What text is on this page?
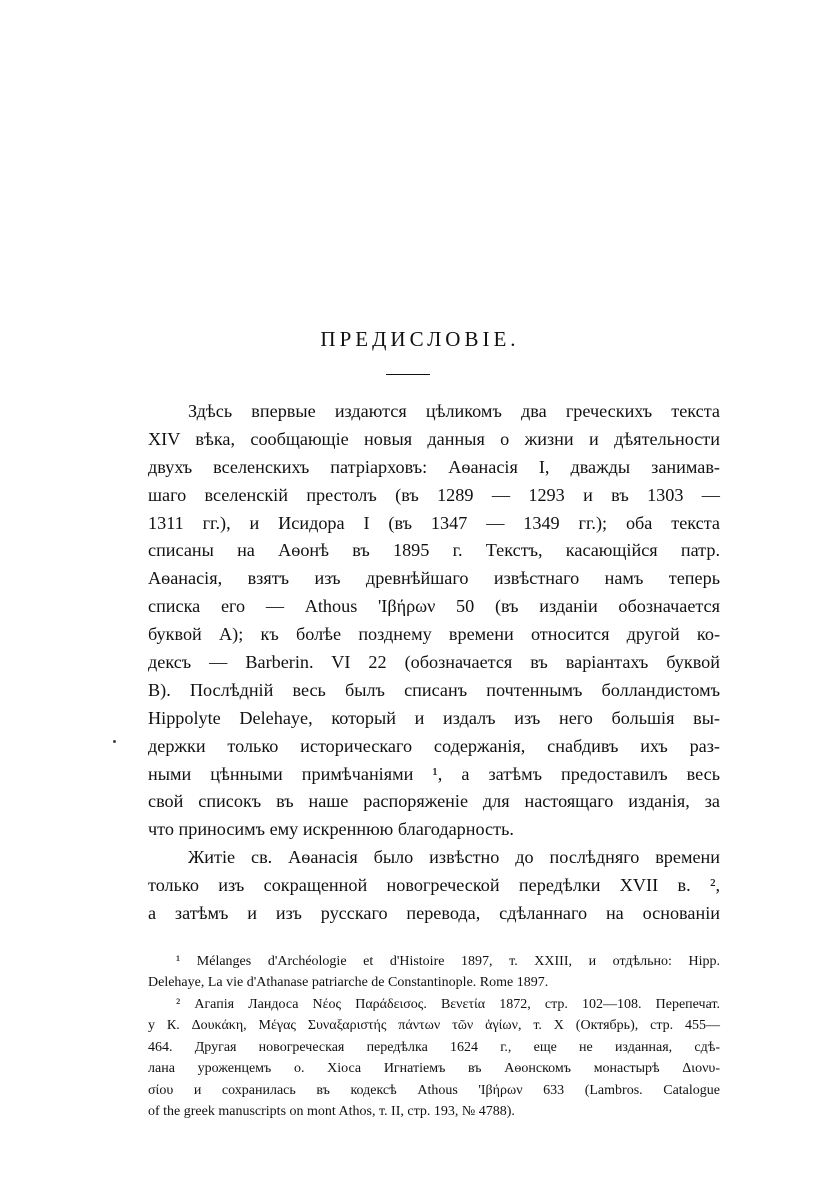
ПРЕДИСЛОВІЕ.
Здѣсь впервые издаются цѣликомъ два греческихъ текста
XIV вѣка, сообщающіе новыя данныя о жизни и дѣятельности
двухъ вселенскихъ патріарховъ: Аѳанасія I, дважды занимав-
шаго вселенскій престолъ (въ 1289 — 1293 и въ 1303 —
1311 гг.), и Исидора I (въ 1347 — 1349 гг.); оба текста
списаны на Аѳонѣ въ 1895 г. Текстъ, касающійся патр.
Аѳанасія, взятъ изъ древнѣйшаго извѣстнаго намъ теперь
списка его — Athous 'Ιβήρων 50 (въ изданіи обозначается
буквой А); къ болѣе позднему времени относится другой ко-
дексъ — Barberin. VI 22 (обозначается въ варіантахъ буквой
В). Послѣдній весь былъ списанъ почтеннымъ болландистомъ
Hippolyte Delehaye, который и издалъ изъ него большія вы-
держки только историческаго содержанія, снабдивъ ихъ раз-
ными цѣнными примѣчаніями ¹, а затѣмъ предоставилъ весь
свой списокъ въ наше распоряженіе для настоящаго изданія, за
что приносимъ ему искреннюю благодарность.
Житіе св. Аѳанасія было извѣстно до послѣдняго времени
только изъ сокращенной новогреческой передѣлки XVII в. ²,
а затѣмъ и изъ русскаго перевода, сдѣланнаго на основаніи
¹ Mélanges d'Archéologie et d'Histoire 1897, т. XXIII, и отдѣльно: Hipp.
Delehaye, La vie d'Athanase patriarche de Constantinople. Rome 1897.
² Агапія Ландоса Νέος Παράδεισος. Βενετία 1872, стр. 102—108. Перепечат.
у К. Δουκάκη, Μέγας Συναξαριστής πάντων τῶν ἁγίων, т. X (Октябрь), стр. 455—
464. Другая новогреческая передѣлка 1624 г., еще не изданная, сдѣ-
лана уроженцемъ о. Хіоса Игнатіемъ въ Аѳонскомъ монастырѣ Διονυ-
σίου и сохранилась въ кодексѣ Athous 'Ιβήρων 633 (Lambros. Catalogue
of the greek manuscripts on mont Athos, т. II, стр. 193, № 4788).
